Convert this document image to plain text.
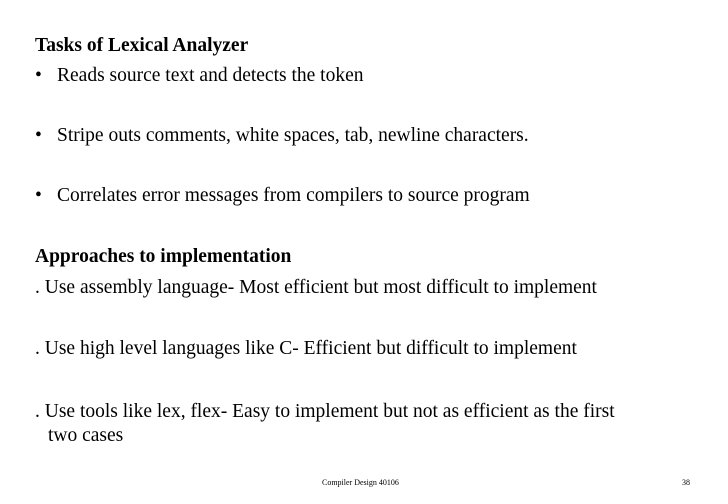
Tasks of Lexical Analyzer
• Reads source text and detects the token
• Stripe outs comments, white spaces, tab, newline characters.
• Correlates error messages from compilers to source program
Approaches to implementation
. Use assembly language- Most efficient but most difficult to implement
. Use high level languages like C- Efficient but difficult to implement
. Use tools like lex, flex- Easy to implement but not as efficient as the first
two cases
Compiler Design 40106	38
